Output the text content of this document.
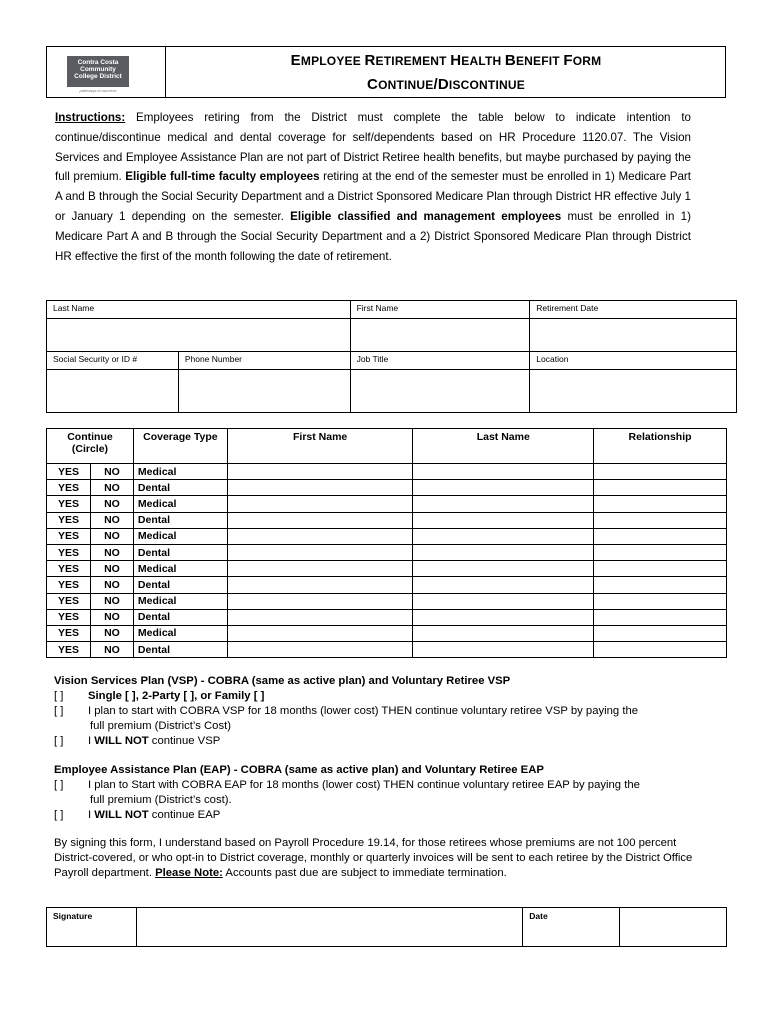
Contra Costa
Community
College District
pathways to success
EMPLOYEE RETIREMENT HEALTH BENEFIT FORM
CONTINUE/DISCONTINUE
Instructions: Employees retiring from the District must complete the table below to indicate intention to continue/discontinue medical and dental coverage for self/dependents based on HR Procedure 1120.07. The Vision Services and Employee Assistance Plan are not part of District Retiree health benefits, but maybe purchased by paying the full premium. Eligible full-time faculty employees retiring at the end of the semester must be enrolled in 1) Medicare Part A and B through the Social Security Department and a District Sponsored Medicare Plan through District HR effective July 1 or January 1 depending on the semester. Eligible classified and management employees must be enrolled in 1) Medicare Part A and B through the Social Security Department and a 2) District Sponsored Medicare Plan through District HR effective the first of the month following the date of retirement.
Last Name		First Name	Retirement Date

Social Security or ID #	Phone Number	Job Title	Location

Continue
(Circle)		Coverage Type	First Name	Last Name	Relationship
YES	NO	Medical			
YES	NO	Dental			
YES	NO	Medical			
YES	NO	Dental			
YES	NO	Medical			
YES	NO	Dental			
YES	NO	Medical			
YES	NO	Dental			
YES	NO	Medical			
YES	NO	Dental			
YES	NO	Medical			
YES	NO	Dental			
Vision Services Plan (VSP) - COBRA (same as active plan) and Voluntary Retiree VSP
[ ]	Single [ ], 2-Party [ ], or Family [ ]
[ ]	I plan to start with COBRA VSP for 18 months (lower cost) THEN continue voluntary retiree VSP by paying the
full premium (District’s Cost)
[ ]	I WILL NOT continue VSP
Employee Assistance Plan (EAP) - COBRA (same as active plan) and Voluntary Retiree EAP
[ ]	I plan to Start with COBRA EAP for 18 months (lower cost) THEN continue voluntary retiree EAP by paying the
full premium (District’s cost).
[ ]	I WILL NOT continue EAP
By signing this form, I understand based on Payroll Procedure 19.14, for those retirees whose premiums are not 100 percent District-covered, or who opt-in to District coverage, monthly or quarterly invoices will be sent to each retiree by the District Office Payroll department. Please Note: Accounts past due are subject to immediate termination.
Signature		Date	
